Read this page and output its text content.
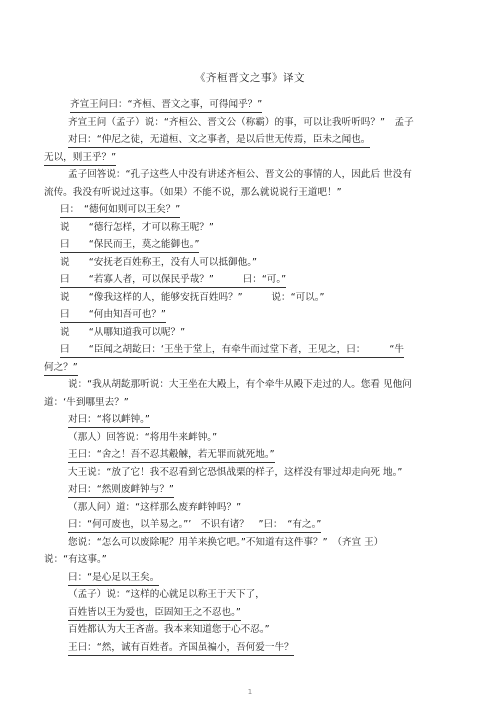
《齐桓晋文之事》译文
齐宣王问曰：“齐桓、晋文之事，可得闻乎？”
齐宣王问（孟子）说：“齐桓公、晋文公（称霸）的事，可以让我听听吗？”　孟子
对曰：“仲尼之徒，无道桓、文之事者，是以后世无传焉，臣未之闻也。
无以，则王乎？”
孟子回答说：“孔子这些人中没有讲述齐桓公、晋文公的事情的人，因此后 世没有
流传。我没有听说过这事。（如果）不能不说，那么就说说行王道吧！”
曰：　“德何如则可以王矣？”
说　　“德行怎样，才可以称王呢？”
曰　　“保民而王，莫之能御也。”
说　　“安抚老百姓称王，没有人可以抵御他。”
曰　　“若寡人者，可以保民乎哉？”　　　曰：“可。”
说　　“像我这样的人，能够安抚百姓吗？”　　　说：“可以。”
曰　　“何由知吾可也？”
说　　“从哪知道我可以呢？”
曰　　“臣闻之胡龁曰：‘王坐于堂上，有牵牛而过堂下者，王见之，曰：　　　“牛
何之？”
说：“我从胡龁那听说：大王坐在大殿上，有个牵牛从殿下走过的人。您看 见他问
道：‘牛到哪里去？”
对曰：“将以衅钟。”
（那人）回答说：“将用牛来衅钟。”
王曰：“舍之！吾不忍其觳觫，若无罪而就死地。”
大王说：“放了它！我不忍看到它恐惧战栗的样子，这样没有罪过却走向死 地。”
对曰：“然则废衅钟与？”
（那人问）道：“这样那么废弃衅钟吗？”
曰：“何可废也，以羊易之。”’　不识有诸？　”曰：　“有之。”
您说：“怎么可以废除呢？用羊来换它吧。”不知道有这件事？”　（齐宣 王）
说：“有这事。”
曰：“是心足以王矣。
（孟子）说：“这样的心就足以称王于天下了，
百姓皆以王为爱也，臣固知王之不忍也。”
百姓都认为大王吝啬。我本来知道您于心不忍。”
王曰：“然，诚有百姓者。齐国虽褊小，吾何爱一牛？
1
